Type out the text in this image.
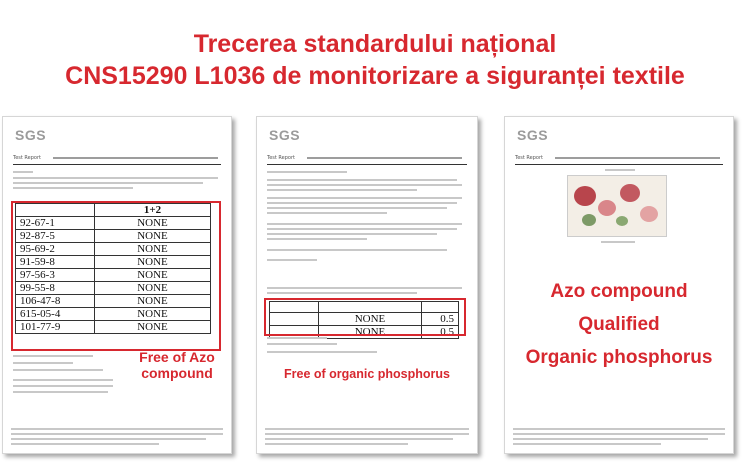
Trecerea standardului național
CNS15290 L1036 de monitorizare a siguranței textile
SGS
Test Report
	1+2
92-67-1	NONE
92-87-5	NONE
95-69-2	NONE
91-59-8	NONE
97-56-3	NONE
99-55-8	NONE
106-47-8	NONE
615-05-4	NONE
101-77-9	NONE
Free of Azo
compound
SGS
Test Report

	NONE	0.5
	NONE	0.5
Free of organic phosphorus
SGS
Test Report
Azo compound
Qualified
Organic phosphorus
